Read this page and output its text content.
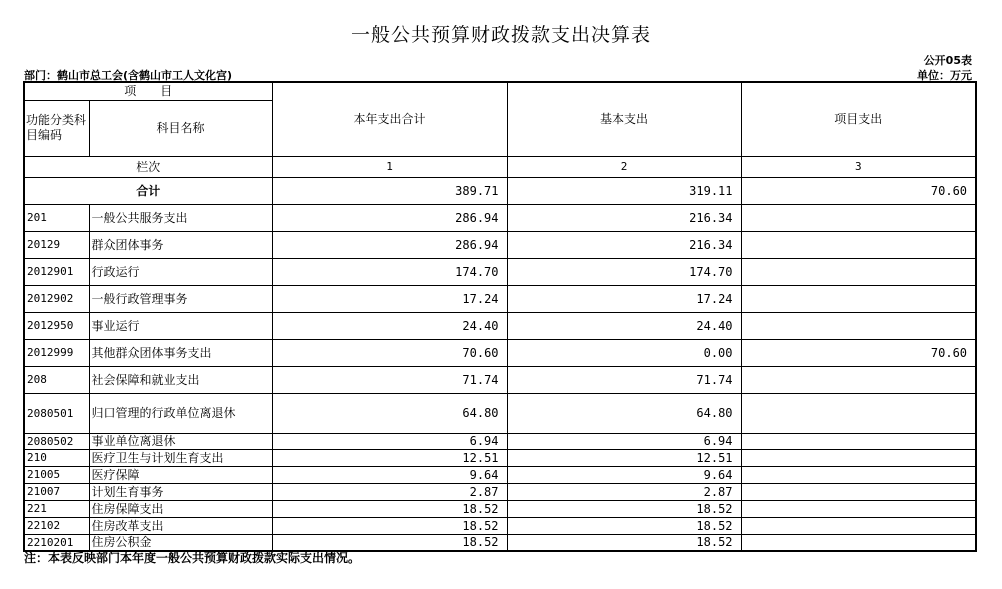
一般公共预算财政拨款支出决算表
公开05表
部门：鹤山市总工会(含鹤山市工人文化宫)	单位：万元
项　　目		本年支出合计	基本支出	项目支出
功能分类科目编码	科目名称			
栏次		1	2	3
合计		389.71	319.11	70.60
201	一般公共服务支出	286.94	216.34	
20129	群众团体事务	286.94	216.34	
2012901	行政运行	174.70	174.70	
2012902	一般行政管理事务	17.24	17.24	
2012950	事业运行	24.40	24.40	
2012999	其他群众团体事务支出	70.60	0.00	70.60
208	社会保障和就业支出	71.74	71.74	
2080501	归口管理的行政单位离退休	64.80	64.80	
2080502	事业单位离退休	6.94	6.94	
210	医疗卫生与计划生育支出	12.51	12.51	
21005	医疗保障	9.64	9.64	
21007	计划生育事务	2.87	2.87	
221	住房保障支出	18.52	18.52	
22102	住房改革支出	18.52	18.52	
2210201	住房公积金	18.52	18.52	
注：本表反映部门本年度一般公共预算财政拨款实际支出情况。
